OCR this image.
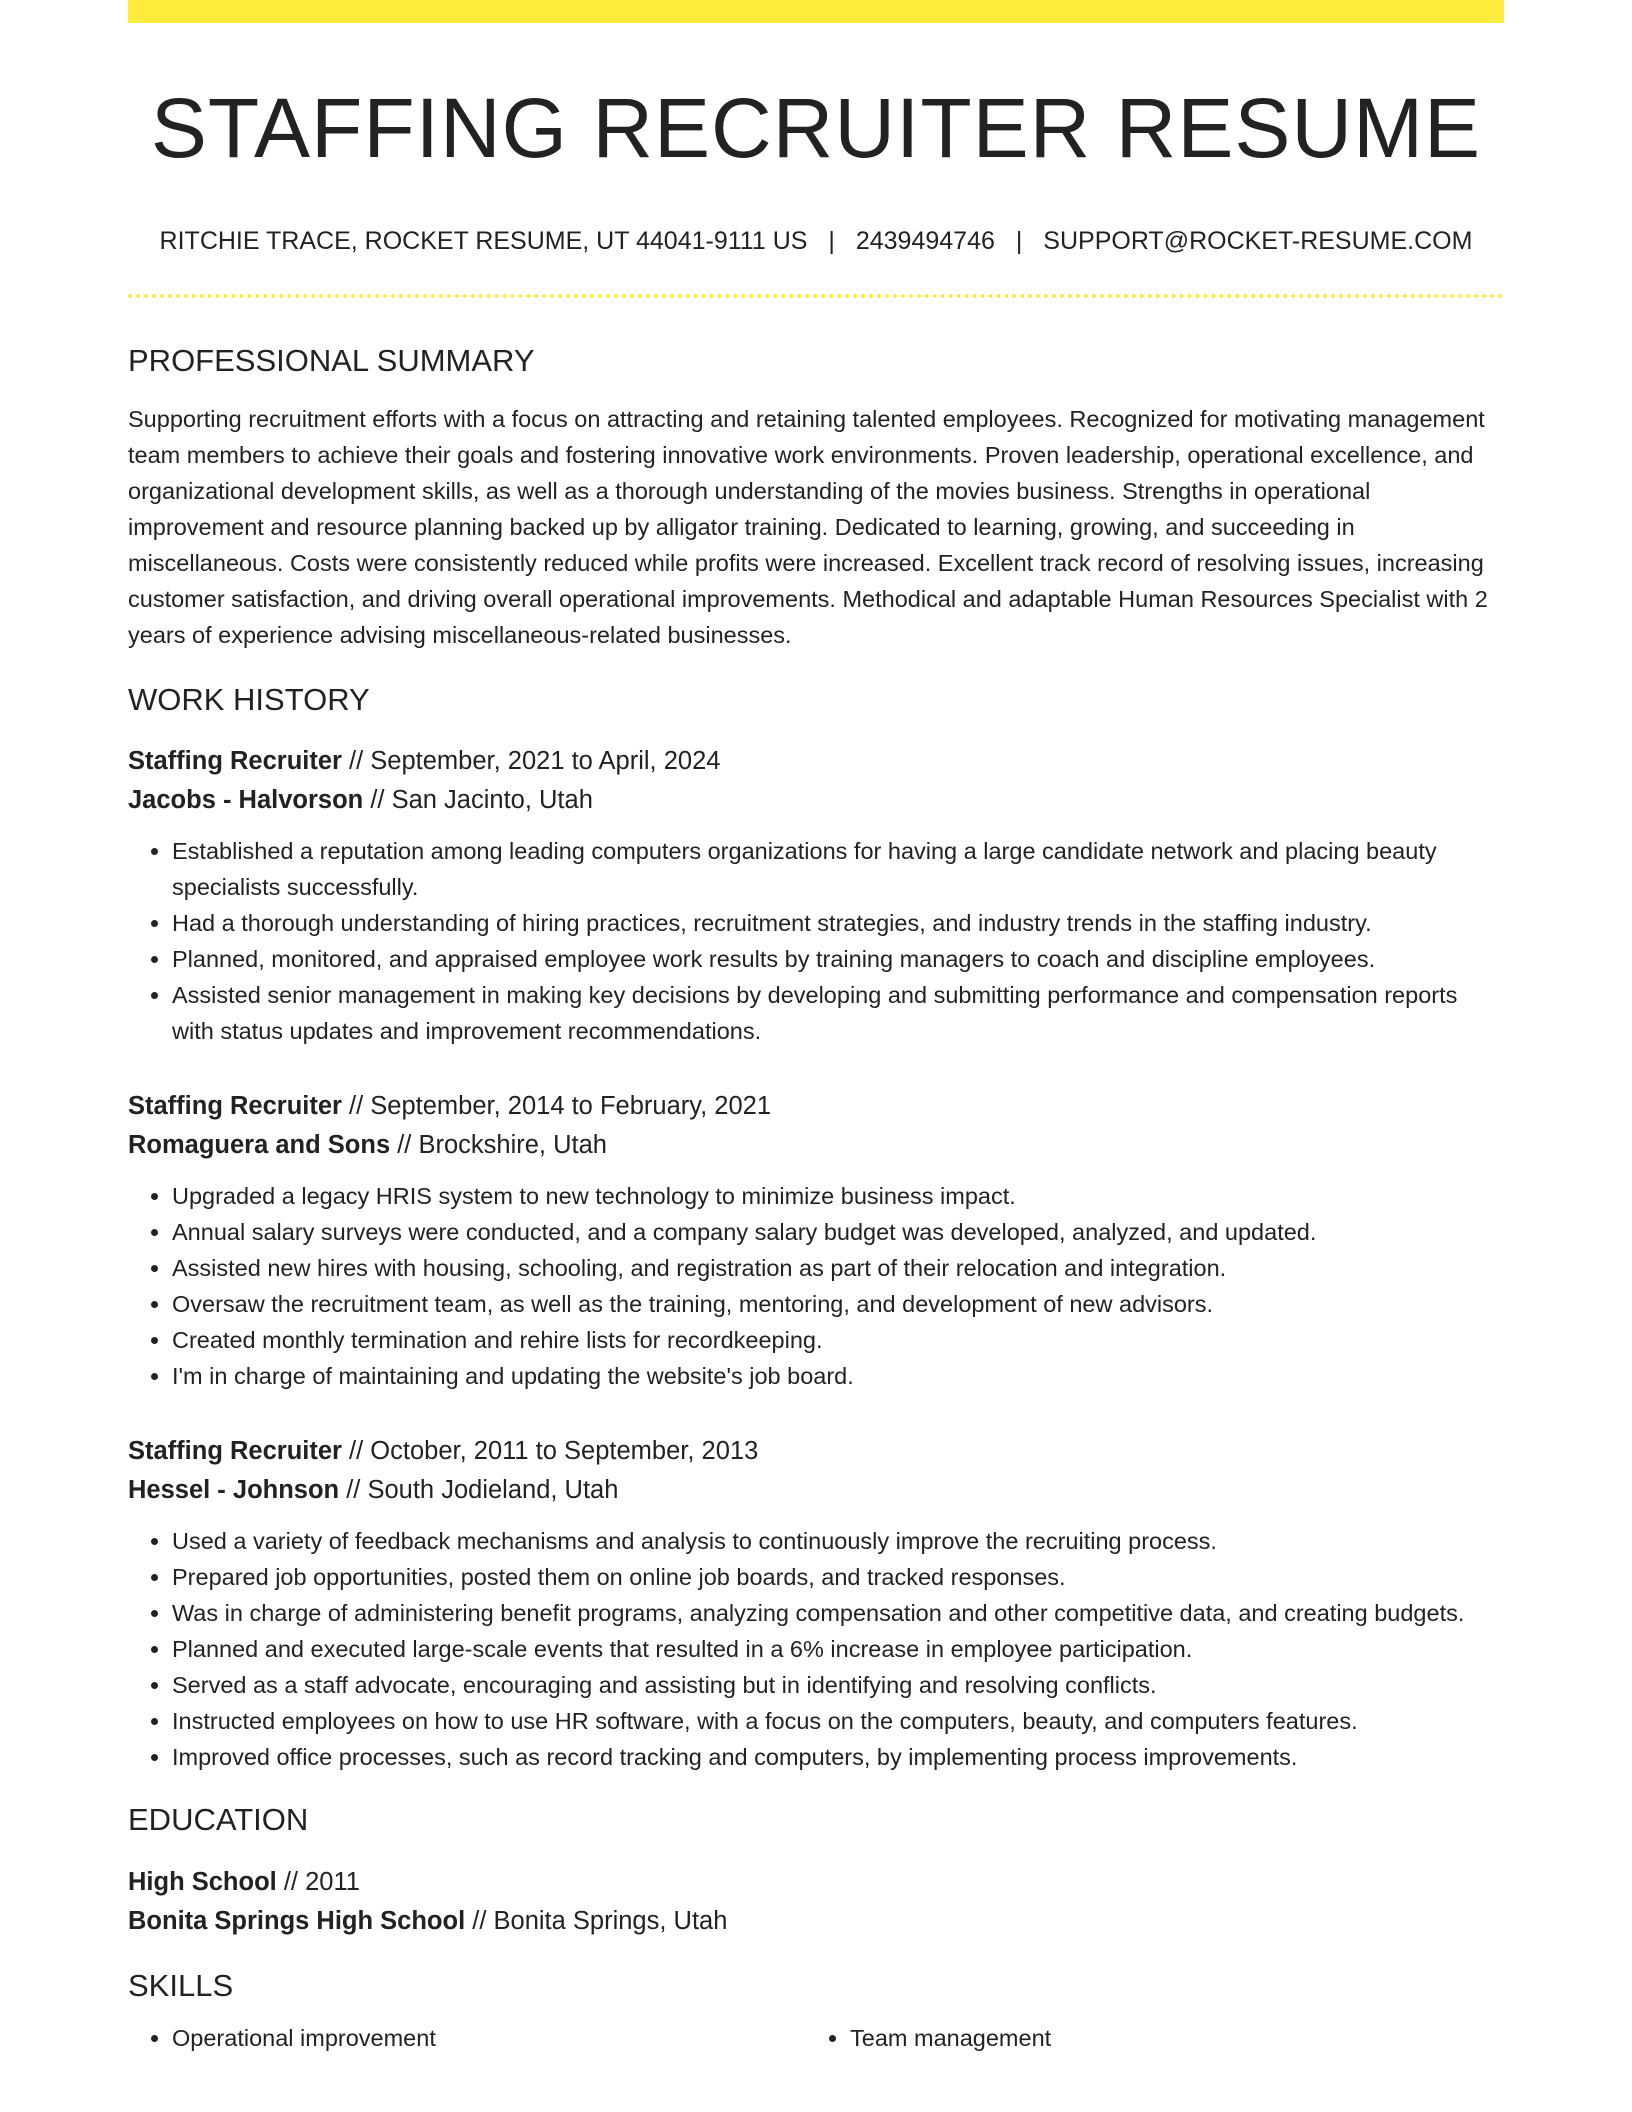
STAFFING RECRUITER RESUME
RITCHIE TRACE, ROCKET RESUME, UT 44041-9111 US | 2439494746 | SUPPORT@ROCKET-RESUME.COM
PROFESSIONAL SUMMARY

Supporting recruitment efforts with a focus on attracting and retaining talented employees. Recognized for motivating management team members to achieve their goals and fostering innovative work environments. Proven leadership, operational excellence, and organizational development skills, as well as a thorough understanding of the movies business. Strengths in operational improvement and resource planning backed up by alligator training. Dedicated to learning, growing, and succeeding in miscellaneous. Costs were consistently reduced while profits were increased. Excellent track record of resolving issues, increasing customer satisfaction, and driving overall operational improvements. Methodical and adaptable Human Resources Specialist with 2 years of experience advising miscellaneous-related businesses.

WORK HISTORY
Staffing Recruiter // September, 2021 to April, 2024
Jacobs - Halvorson // San Jacinto, Utah
• Established a reputation among leading computers organizations for having a large candidate network and placing beauty specialists successfully.
• Had a thorough understanding of hiring practices, recruitment strategies, and industry trends in the staffing industry.
• Planned, monitored, and appraised employee work results by training managers to coach and discipline employees.
• Assisted senior management in making key decisions by developing and submitting performance and compensation reports with status updates and improvement recommendations.
Staffing Recruiter // September, 2014 to February, 2021
Romaguera and Sons // Brockshire, Utah
• Upgraded a legacy HRIS system to new technology to minimize business impact.
• Annual salary surveys were conducted, and a company salary budget was developed, analyzed, and updated.
• Assisted new hires with housing, schooling, and registration as part of their relocation and integration.
• Oversaw the recruitment team, as well as the training, mentoring, and development of new advisors.
• Created monthly termination and rehire lists for recordkeeping.
• I'm in charge of maintaining and updating the website's job board.
Staffing Recruiter // October, 2011 to September, 2013
Hessel - Johnson // South Jodieland, Utah
• Used a variety of feedback mechanisms and analysis to continuously improve the recruiting process.
• Prepared job opportunities, posted them on online job boards, and tracked responses.
• Was in charge of administering benefit programs, analyzing compensation and other competitive data, and creating budgets.
• Planned and executed large-scale events that resulted in a 6% increase in employee participation.
• Served as a staff advocate, encouraging and assisting but in identifying and resolving conflicts.
• Instructed employees on how to use HR software, with a focus on the computers, beauty, and computers features.
• Improved office processes, such as record tracking and computers, by implementing process improvements.
EDUCATION
High School // 2011
Bonita Springs High School // Bonita Springs, Utah
SKILLS
• Operational improvement
•	Team management
